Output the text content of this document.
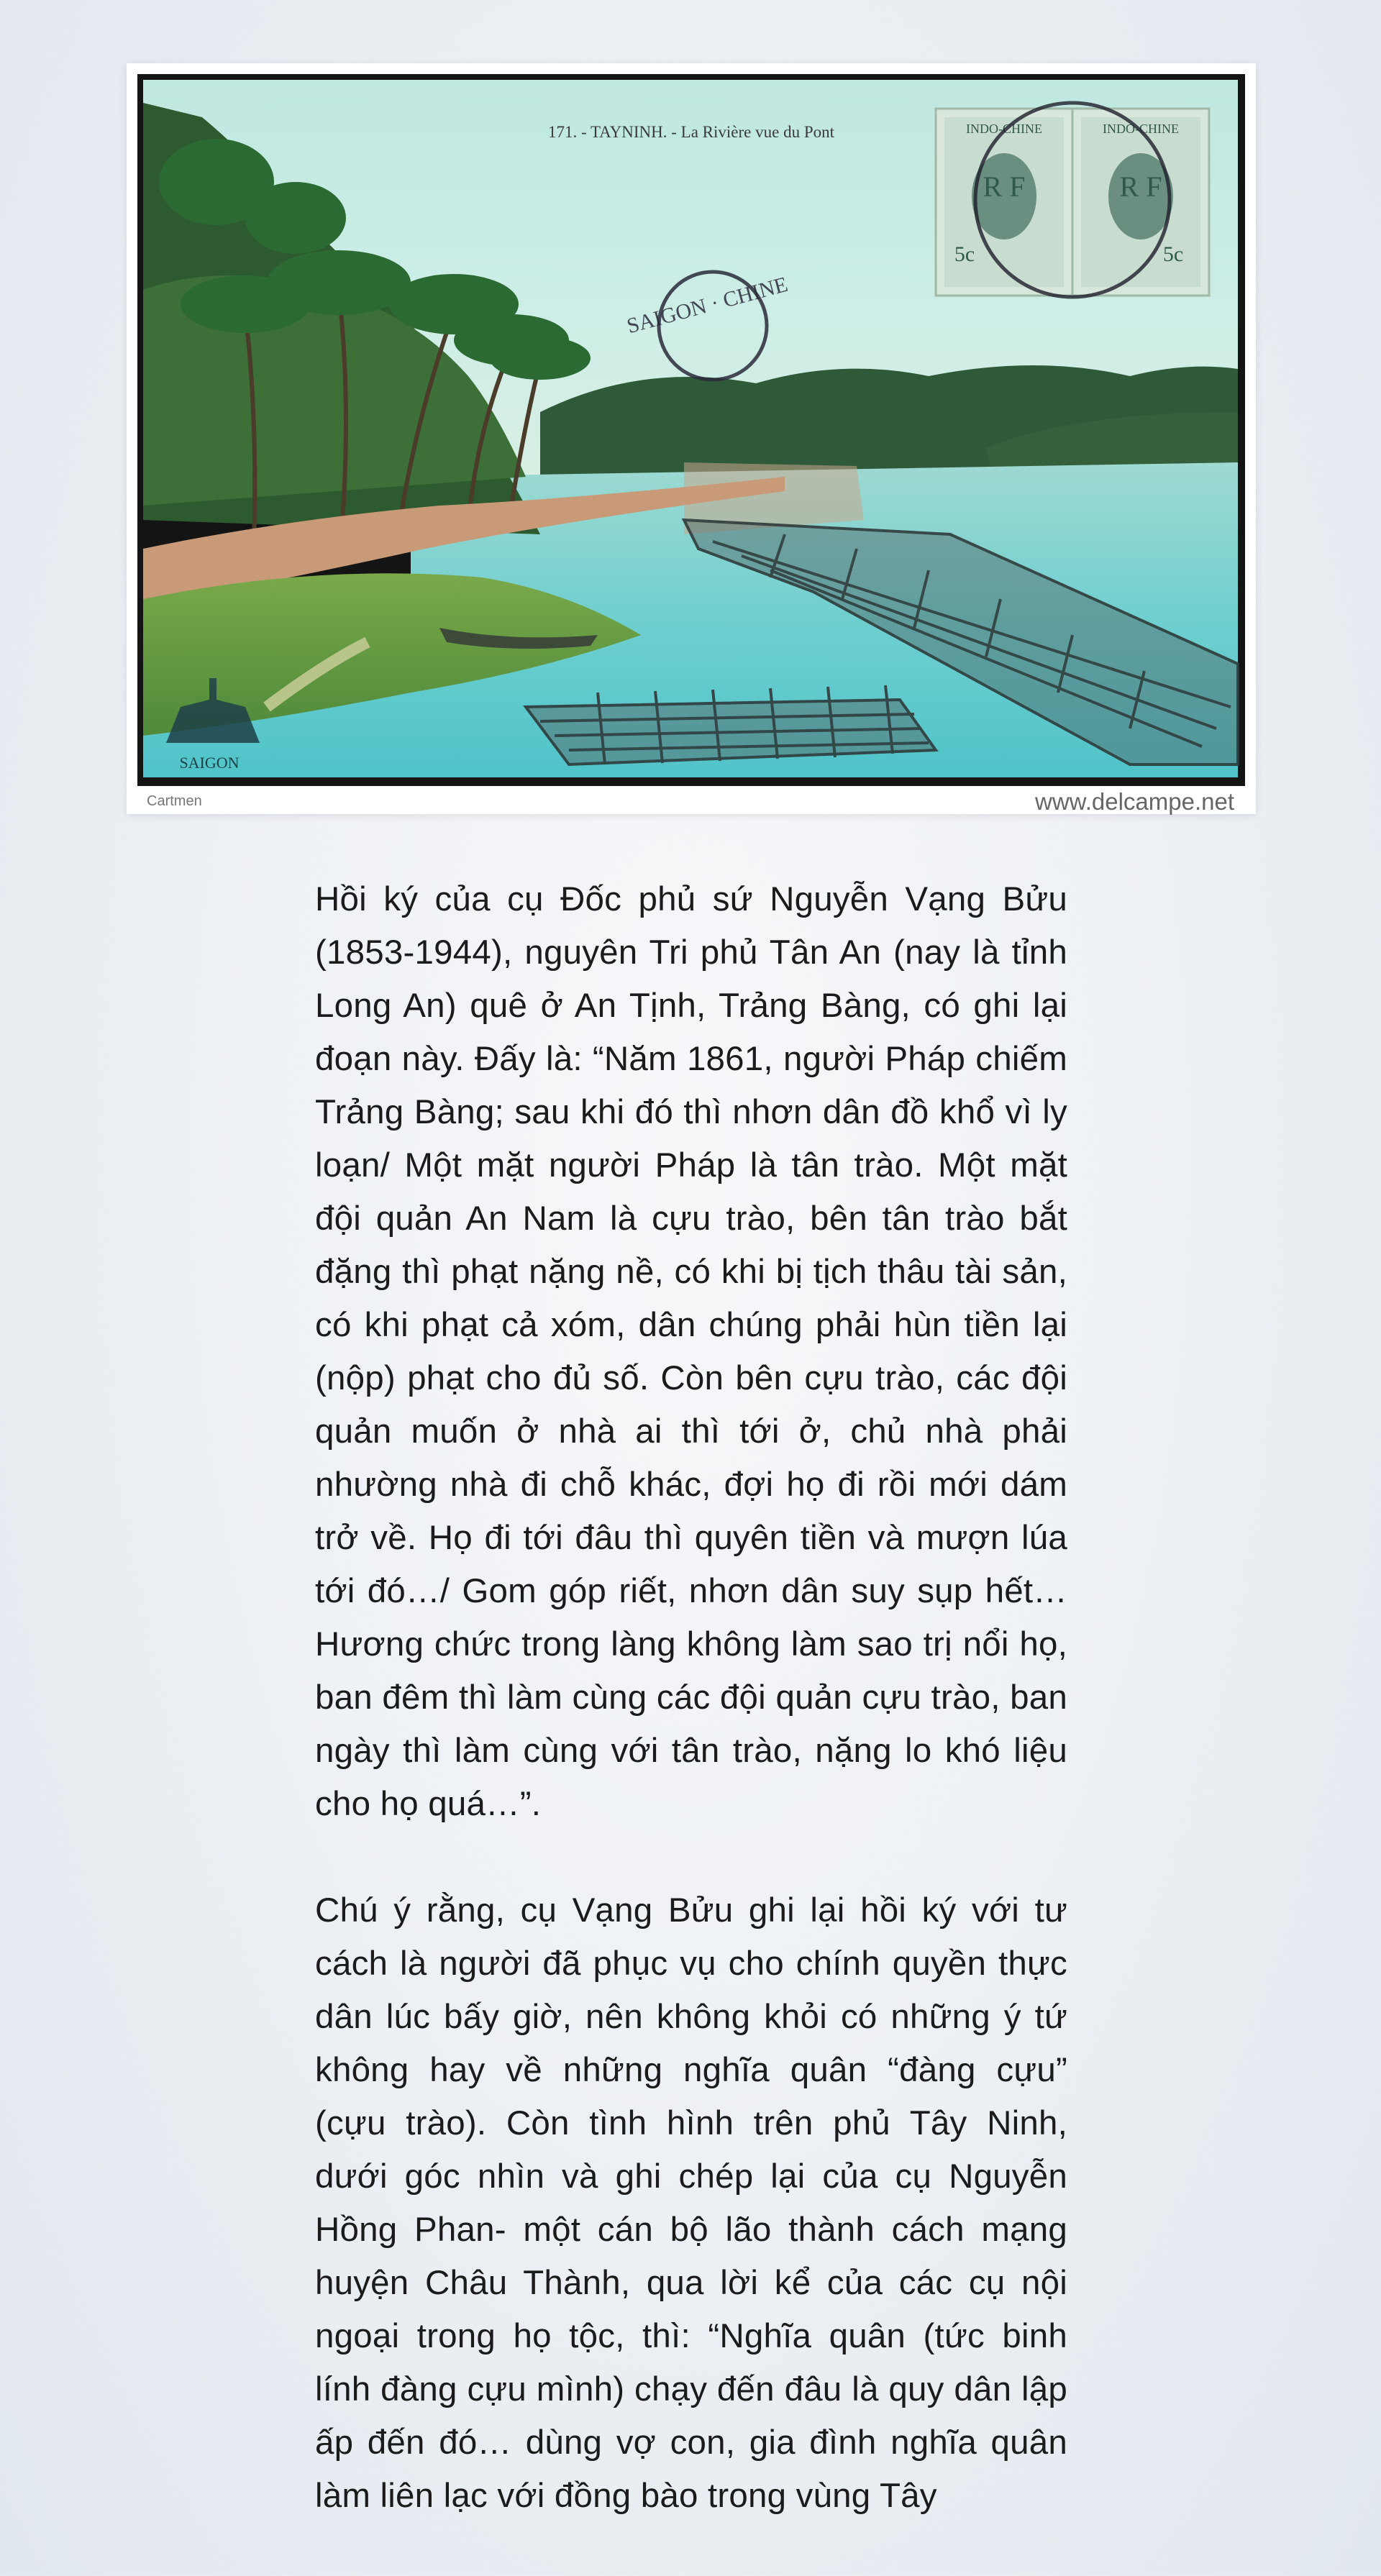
SAIGON · CHINE
171. - TAYNINH. - La Rivière vue du Pont	INDO-CHINE
R F
5c
INDO-CHINE
R F
5c
SAIGON
Cartmen	www.delcampe.net

Hồi ký của cụ Đốc phủ sứ Nguyễn Vạng Bửu (1853-1944), nguyên Tri phủ Tân An (nay là tỉnh Long An) quê ở An Tịnh, Trảng Bàng, có ghi lại đoạn này. Đấy là: “Năm 1861, người Pháp chiếm Trảng Bàng; sau khi đó thì nhơn dân đồ khổ vì ly loạn/ Một mặt người Pháp là tân trào. Một mặt đội quản An Nam là cựu trào, bên tân trào bắt đặng thì phạt nặng nề, có khi bị tịch thâu tài sản, có khi phạt cả xóm, dân chúng phải hùn tiền lại (nộp) phạt cho đủ số. Còn bên cựu trào, các đội quản muốn ở nhà ai thì tới ở, chủ nhà phải nhường nhà đi chỗ khác, đợi họ đi rồi mới dám trở về. Họ đi tới đâu thì quyên tiền và mượn lúa tới đó…/ Gom góp riết, nhơn dân suy sụp hết… Hương chức trong làng không làm sao trị nổi họ, ban đêm thì làm cùng các đội quản cựu trào, ban ngày thì làm cùng với tân trào, nặng lo khó liệu cho họ quá…”.

Chú ý rằng, cụ Vạng Bửu ghi lại hồi ký với tư cách là người đã phục vụ cho chính quyền thực dân lúc bấy giờ, nên không khỏi có những ý tứ không hay về những nghĩa quân “đàng cựu” (cựu trào). Còn tình hình trên phủ Tây Ninh, dưới góc nhìn và ghi chép lại của cụ Nguyễn Hồng Phan- một cán bộ lão thành cách mạng huyện Châu Thành, qua lời kể của các cụ nội ngoại trong họ tộc, thì: “Nghĩa quân (tức binh lính đàng cựu mình) chạy đến đâu là quy dân lập ấp đến đó… dùng vợ con, gia đình nghĩa quân làm liên lạc với đồng bào trong vùng Tây
